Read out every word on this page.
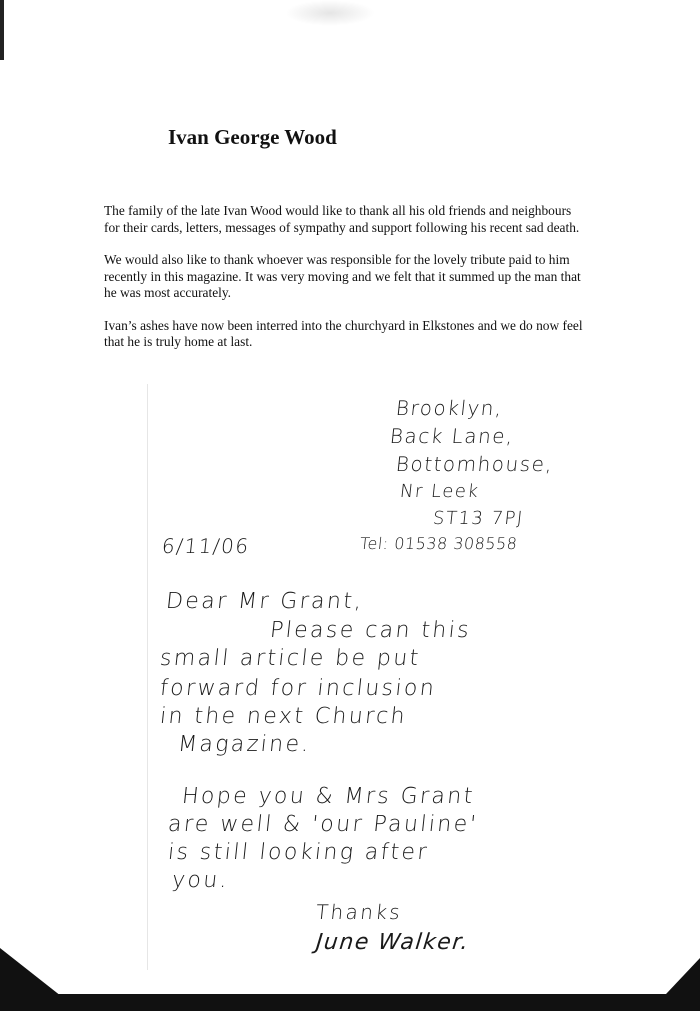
Ivan George Wood

The family of the late Ivan Wood would like to thank all his old friends and neighbours for their cards, letters, messages of sympathy and support following his recent sad death.

We would also like to thank whoever was responsible for the lovely tribute paid to him recently in this magazine. It was very moving and we felt that it summed up the man that he was most accurately.

Ivan’s ashes have now been interred into the churchyard in Elkstones and we do now feel that he is truly home at last.

Brooklyn,
Back Lane,
Bottomhouse,
Nr Leek
ST13 7PJ
6/11/06	Tel: 01538 308558
Dear Mr Grant,
Please can this
small article be put
forward for inclusion
in the next Church
Magazine.
Hope you & Mrs Grant
are well & 'our Pauline'
is still looking after
you.
Thanks
June Walker.
